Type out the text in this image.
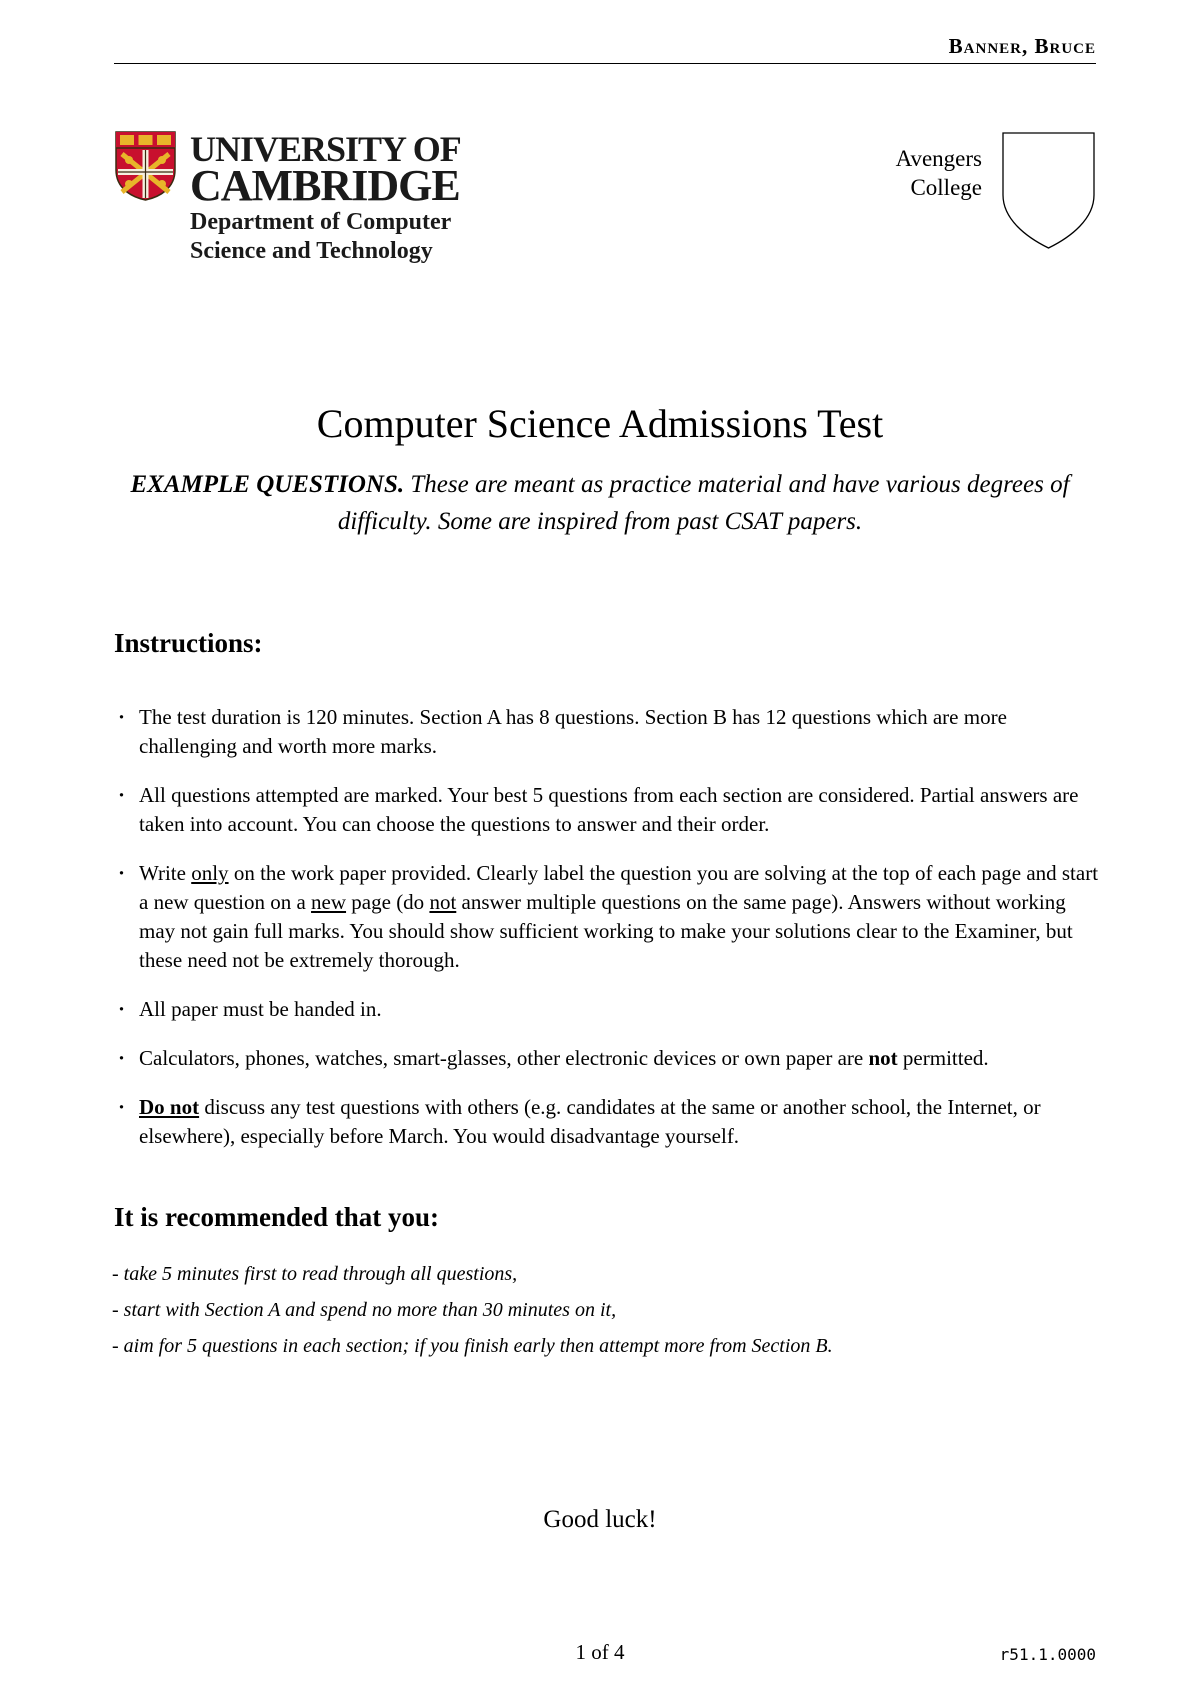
Banner, Bruce
UNIVERSITY OF
CAMBRIDGE
Department of Computer
Science and Technology
Avengers
College
Computer Science Admissions Test
EXAMPLE QUESTIONS. These are meant as practice material and have various degrees of difficulty. Some are inspired from past CSAT papers.
Instructions:
· The test duration is 120 minutes. Section A has 8 questions. Section B has 12 questions which are more challenging and worth more marks.
· All questions attempted are marked. Your best 5 questions from each section are considered. Partial answers are taken into account. You can choose the questions to answer and their order.
· Write only on the work paper provided. Clearly label the question you are solving at the top of each page and start a new question on a new page (do not answer multiple questions on the same page). Answers without working may not gain full marks. You should show sufficient working to make your solutions clear to the Examiner, but these need not be extremely thorough.
· All paper must be handed in.
· Calculators, phones, watches, smart-glasses, other electronic devices or own paper are not permitted.
· Do not discuss any test questions with others (e.g. candidates at the same or another school, the Internet, or elsewhere), especially before March. You would disadvantage yourself.
It is recommended that you:
- take 5 minutes first to read through all questions,
- start with Section A and spend no more than 30 minutes on it,
- aim for 5 questions in each section; if you finish early then attempt more from Section B.
Good luck!
1 of 4	r51.1.0000
